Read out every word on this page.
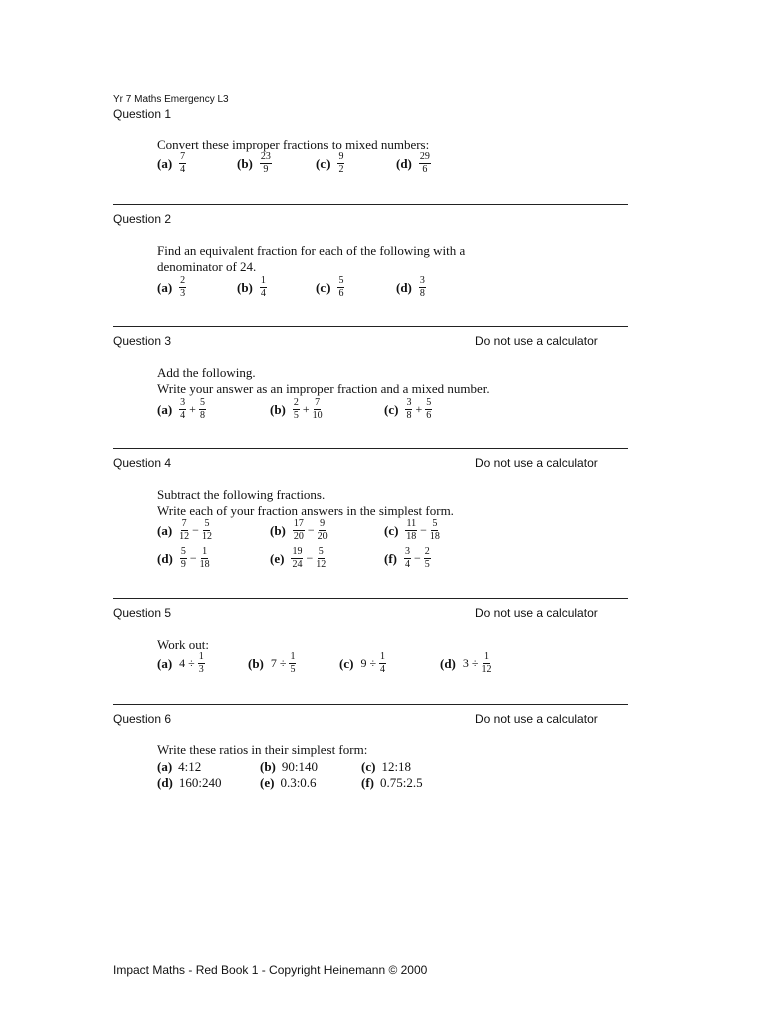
Yr 7 Maths Emergency L3
Question 1
Convert these improper fractions to mixed numbers:
$(a) \frac{7}{4}$	$(b) \frac{23}{9}$	$(c) \frac{9}{2}$	$(d) \frac{29}{6}$
Question 2
Find an equivalent fraction for each of the following with a
denominator of 24.
$(a) \frac{2}{3}$	$(b) \frac{1}{4}$	$(c) \frac{5}{6}$	$(d) \frac{3}{8}$
Question 3	Do not use a calculator
Add the following.
Write your answer as an improper fraction and a mixed number.
$(a) \frac{3}{4} + \frac{5}{8}$	$(b) \frac{2}{5} + \frac{7}{10}$	$(c) \frac{3}{8} + \frac{5}{6}$
Question 4	Do not use a calculator
Subtract the following fractions.
Write each of your fraction answers in the simplest form.
$(a) \frac{7}{12} - \frac{5}{12}$	$(b) \frac{17}{20} - \frac{9}{20}$	$(c) \frac{11}{18} - \frac{5}{18}$
$(d) \frac{5}{9} - \frac{1}{18}$	$(e) \frac{19}{24} - \frac{5}{12}$	$(f) \frac{3}{4} - \frac{2}{5}$
Question 5	Do not use a calculator
Work out:
(a) $4 \div \frac{1}{3}$	(b) $7 \div \frac{1}{5}$	(c) $9 \div \frac{1}{4}$	(d) $3 \div \frac{1}{12}$
Question 6	Do not use a calculator
Write these ratios in their simplest form:
(a) 4:12	(b) 90:140	(c) 12:18
(d) 160:240	(e) 0.3:0.6	(f) 0.75:2.5
Impact Maths - Red Book 1 - Copyright Heinemann © 2000
